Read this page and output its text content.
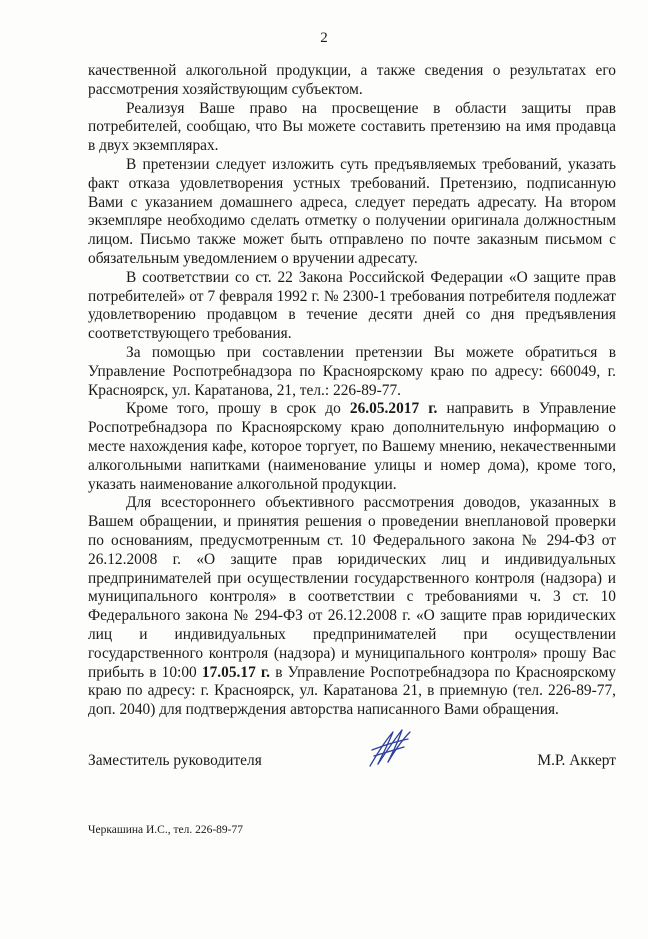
2

качественной алкогольной продукции, а также сведения о результатах его рассмотрения хозяйствующим субъектом.

Реализуя Ваше право на просвещение в области защиты прав потребителей, сообщаю, что Вы можете составить претензию на имя продавца в двух экземплярах.

В претензии следует изложить суть предъявляемых требований, указать факт отказа удовлетворения устных требований. Претензию, подписанную Вами с указанием домашнего адреса, следует передать адресату. На втором экземпляре необходимо сделать отметку о получении оригинала должностным лицом. Письмо также может быть отправлено по почте заказным письмом с обязательным уведомлением о вручении адресату.

В соответствии со ст. 22 Закона Российской Федерации «О защите прав потребителей» от 7 февраля 1992 г. № 2300-1 требования потребителя подлежат удовлетворению продавцом в течение десяти дней со дня предъявления соответствующего требования.

За помощью при составлении претензии Вы можете обратиться в Управление Роспотребнадзора по Красноярскому краю по адресу: 660049, г. Красноярск, ул. Каратанова, 21, тел.: 226-89-77.

Кроме того, прошу в срок до 26.05.2017 г. направить в Управление Роспотребнадзора по Красноярскому краю дополнительную информацию о месте нахождения кафе, которое торгует, по Вашему мнению, некачественными алкогольными напитками (наименование улицы и номер дома), кроме того, указать наименование алкогольной продукции.

Для всестороннего объективного рассмотрения доводов, указанных в Вашем обращении, и принятия решения о проведении внеплановой проверки по основаниям, предусмотренным ст. 10 Федерального закона № 294-ФЗ от 26.12.2008 г. «О защите прав юридических лиц и индивидуальных предпринимателей при осуществлении государственного контроля (надзора) и муниципального контроля» в соответствии с требованиями ч. 3 ст. 10 Федерального закона № 294-ФЗ от 26.12.2008 г. «О защите прав юридических лиц и индивидуальных предпринимателей при осуществлении государственного контроля (надзора) и муниципального контроля» прошу Вас прибыть в 10:00 17.05.17 г. в Управление Роспотребнадзора по Красноярскому краю по адресу: г. Красноярск, ул. Каратанова 21, в приемную (тел. 226-89-77, доп. 2040) для подтверждения авторства написанного Вами обращения.

Заместитель руководителя	М.Р. Аккерт
Черкашина И.С., тел. 226-89-77
